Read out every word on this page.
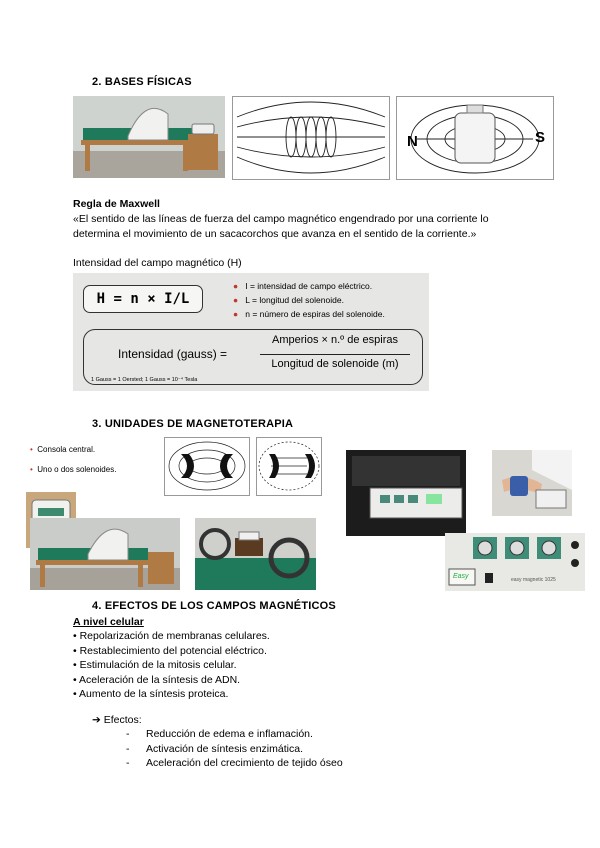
2. BASES FÍSICAS
N	S
Regla de Maxwell
«El sentido de las líneas de fuerza del campo magnético engendrado por una corriente lo
determina el movimiento de un sacacorchos que avanza en el sentido de la corriente.»
Intensidad del campo magnético (H)
H = n × I/L
● I = intensidad de campo eléctrico.
● L = longitud del solenoide.
● n = número de espiras del solenoide.
Intensidad (gauss) =
Amperios × n.º de espiras
Longitud de solenoide (m)
1 Gauss = 1 Oersted; 1 Gauss = 10⁻⁴ Tesla
3. UNIDADES DE MAGNETOTERAPIA
• Consola central.
• Uno o dos solenoides.
Easy	easy magnetic 1025
4. EFECTOS DE LOS CAMPOS MAGNÉTICOS
A nivel celular
• Repolarización de membranas celulares.
• Restablecimiento del potencial eléctrico.
• Estimulación de la mitosis celular.
• Aceleración de la síntesis de ADN.
• Aumento de la síntesis proteica.
➔ Efectos:
- Reducción de edema e inflamación.
- Activación de síntesis enzimática.
- Aceleración del crecimiento de tejido óseo
